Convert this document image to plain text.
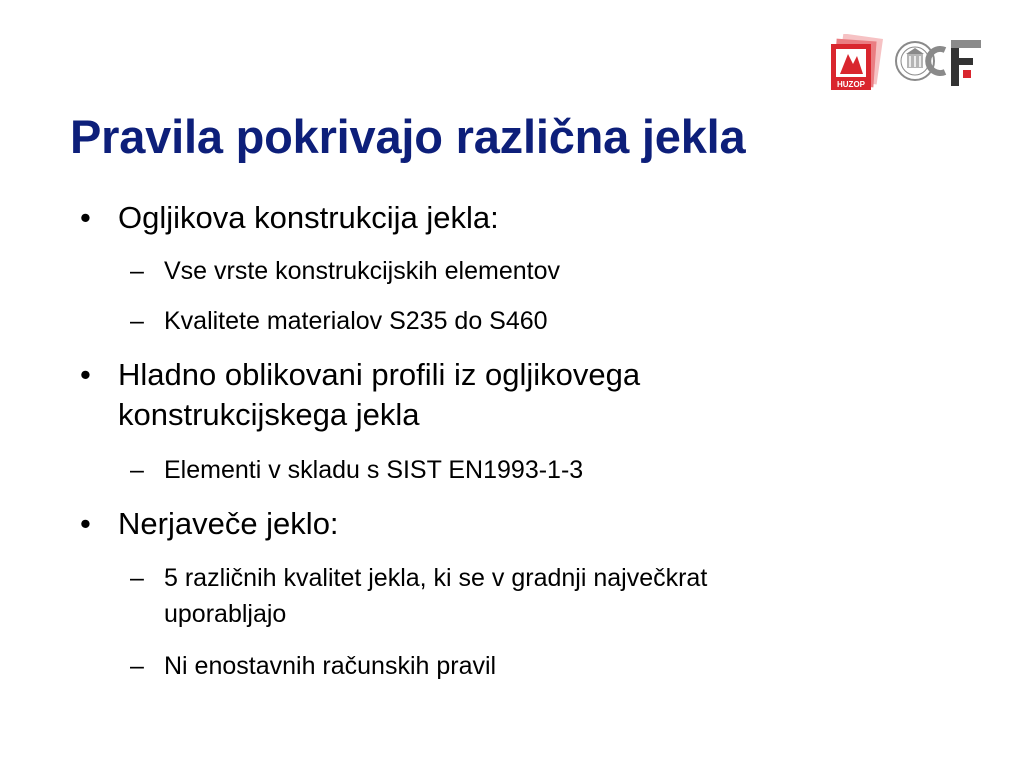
HUZOP
Pravila pokrivajo različna jekla
• Ogljikova konstrukcija jekla:
– Vse vrste konstrukcijskih elementov
– Kvalitete materialov S235 do S460
• Hladno oblikovani profili iz ogljikovega
konstrukcijskega jekla
– Elementi v skladu s SIST EN1993-1-3
• Nerjaveče jeklo:
– 5 različnih kvalitet jekla, ki se v gradnji največkrat
uporabljajo
– Ni enostavnih računskih pravil
